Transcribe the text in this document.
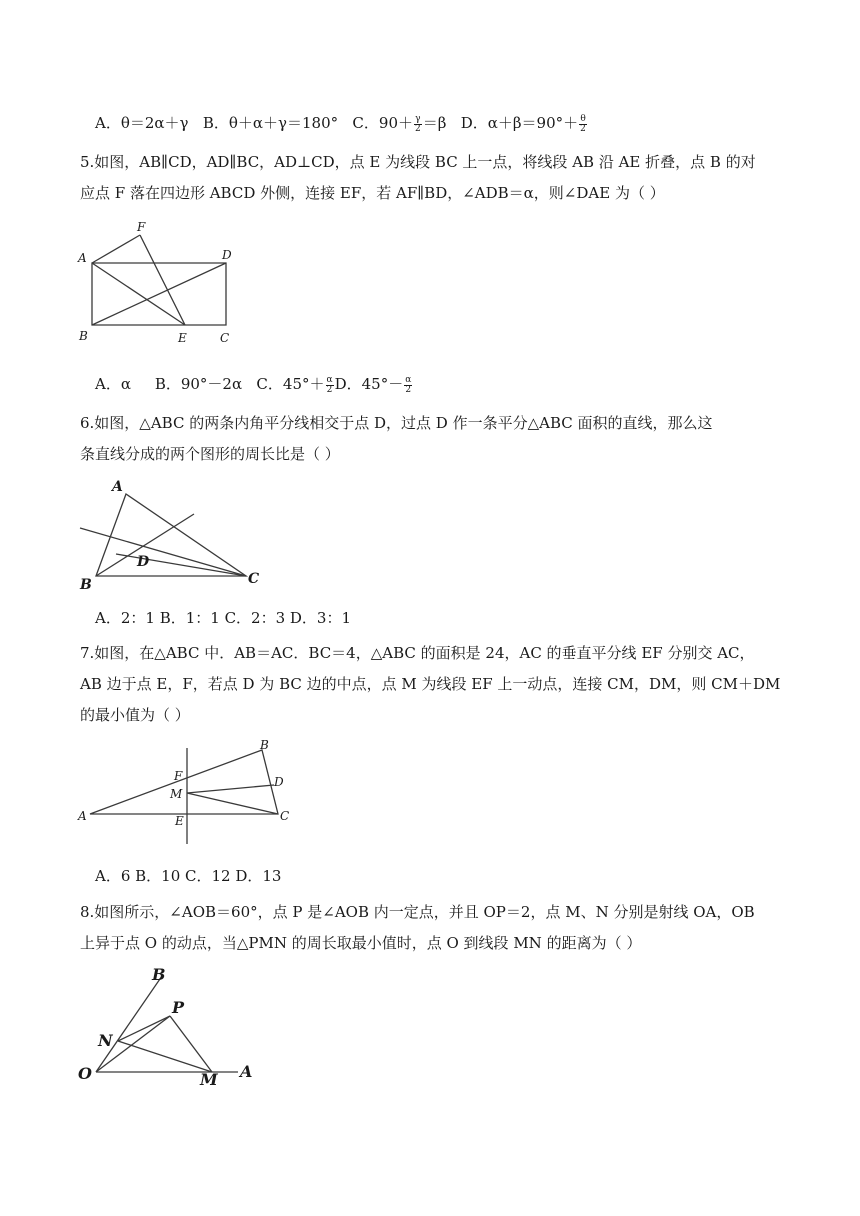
A．θ＝2α＋γ B．θ＋α＋γ＝180° C．$90+ \frac{\gamma}{2} =\beta$ D．$\alpha+\beta=90^\circ+ \frac{\theta}{2}$
5.如图，AB∥CD，AD∥BC，AD⊥CD，点 E 为线段 BC 上一点，将线段 AB 沿 AE 折叠，点 B 的对
应点 F 落在四边形 ABCD 外侧，连接 EF，若 AF∥BD，∠ADB＝α，则∠DAE 为（ ）
A
F
D
B	E	C
A．α B．90°－2α C．$45^\circ+ \frac{\alpha}{2}$ D．$45^\circ- \frac{\alpha}{2}$
6.如图，△ABC 的两条内角平分线相交于点 D，过点 D 作一条平分△ABC 面积的直线，那么这
条直线分成的两个图形的周长比是（ ）
A
B	C
D
A．2：1 B．1：1 C．2：3 D．3：1
7.如图，在△ABC 中．AB＝AC．BC＝4，△ABC 的面积是 24，AC 的垂直平分线 EF 分别交 AC，
AB 边于点 E，F，若点 D 为 BC 边的中点，点 M 为线段 EF 上一动点，连接 CM，DM，则 CM＋DM
的最小值为（ ）
B
F	D
M
A	E	C
A．6 B．10 C．12 D．13
8.如图所示，∠AOB＝60°，点 P 是∠AOB 内一定点，并且 OP＝2，点 M、N 分别是射线 OA，OB
上异于点 O 的动点，当△PMN 的周长取最小值时，点 O 到线段 MN 的距离为（ ）
B
P
N
O	M A
